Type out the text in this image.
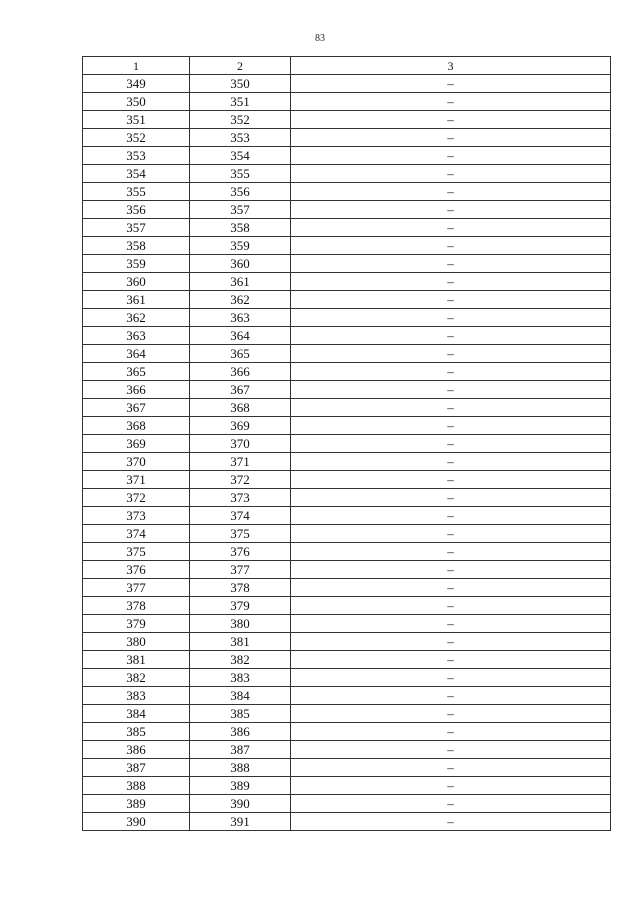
83
1	2	3
349	350	–
350	351	–
351	352	–
352	353	–
353	354	–
354	355	–
355	356	–
356	357	–
357	358	–
358	359	–
359	360	–
360	361	–
361	362	–
362	363	–
363	364	–
364	365	–
365	366	–
366	367	–
367	368	–
368	369	–
369	370	–
370	371	–
371	372	–
372	373	–
373	374	–
374	375	–
375	376	–
376	377	–
377	378	–
378	379	–
379	380	–
380	381	–
381	382	–
382	383	–
383	384	–
384	385	–
385	386	–
386	387	–
387	388	–
388	389	–
389	390	–
390	391	–
